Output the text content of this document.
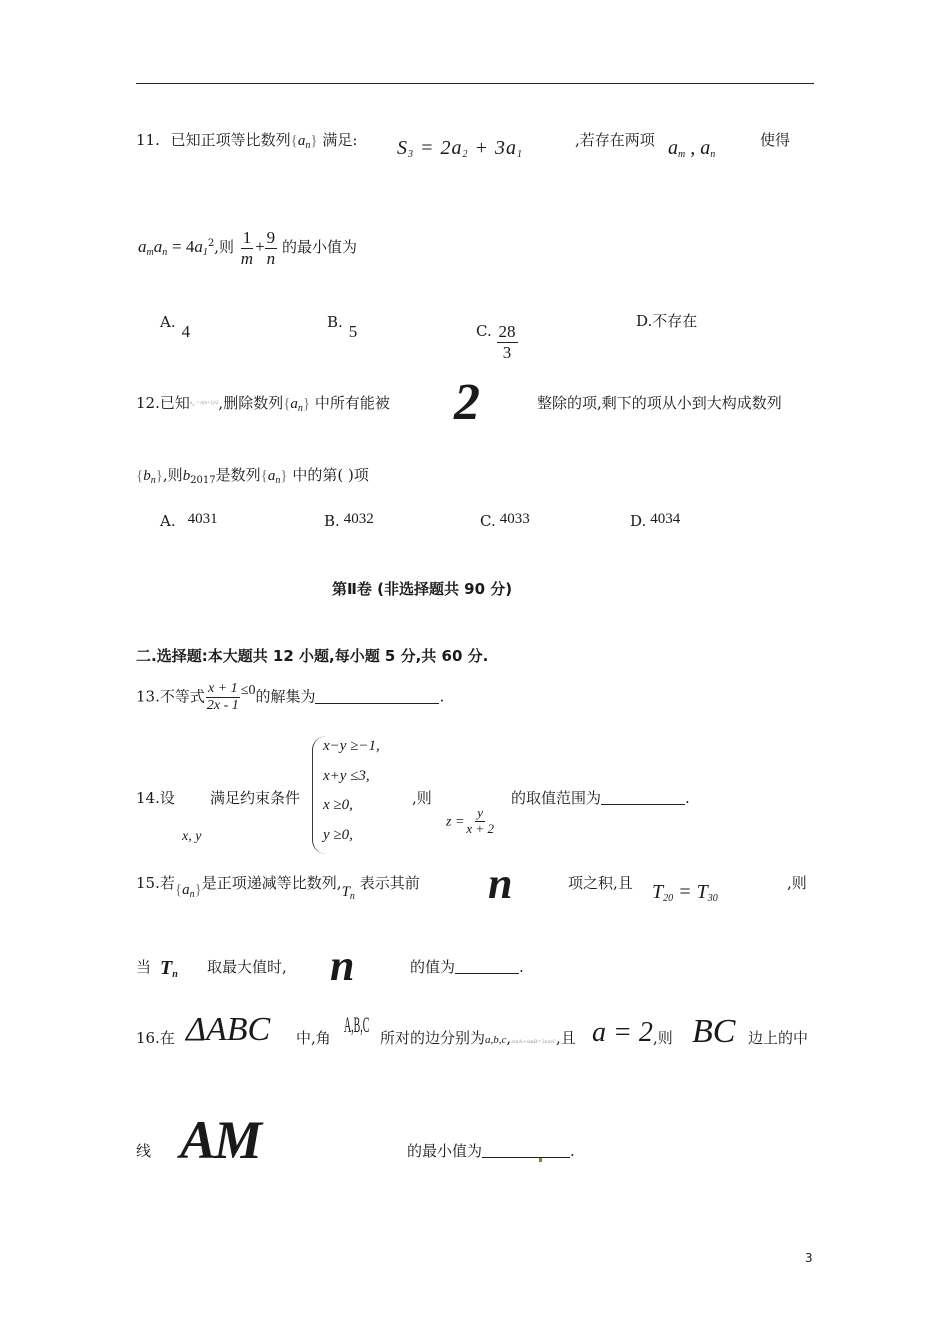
11. 已知正项等比数列$\{a_n\}$ 满足: $S_3 = 2a_2 + 3a_1$
,若存在两项 $a_m$ , $a_n$
使得
$a_ma_n = 4a_1^2$,则 $\frac{1}{m} + \frac{9}{n}$ 的最小值为
A. 4	B. 5	C. $\frac{28}{3}$
D.不存在
12.已知$a_n = n(n+1)/2$,删除数列$\{a_n\}$ 中所有能被 2	整除的项,剩下的项从小到大构成数列
$\{b_n\}$,则$b_{2017}$是数列$\{a_n\}$ 中的第( )项
A. 4031	B. 4032	C. 4033	D. 4034
第Ⅱ卷 (非选择题共 90 分)
二.选择题:本大题共 12 小题,每小题 5 分,共 60 分.
13.不等式 $\frac{x + 1}{2x - 1} \le 0$的解集为	.
14.设 满足约束条件
x, y
x−y ≥−1,
x+y ≤3,
x ≥0,
y ≥0,
,则
$z = \frac{y}{x + 2}$
的取值范围为	.
15.若$\{a_n\}$是正项递减等比数列$,T_n$ 表示其前 n	项之积,且 $T_{20} = T_{30}$
,则
当 $T_n$ 取最大值时, n	的值为	.
16.在 ΔABC 中,角
A,B,C
所对的边分别为a,b,c,sinA+sinB=2sinC,且 a = 2 ,则 BC 边上的中
线 AM	的最小值为	.
3
